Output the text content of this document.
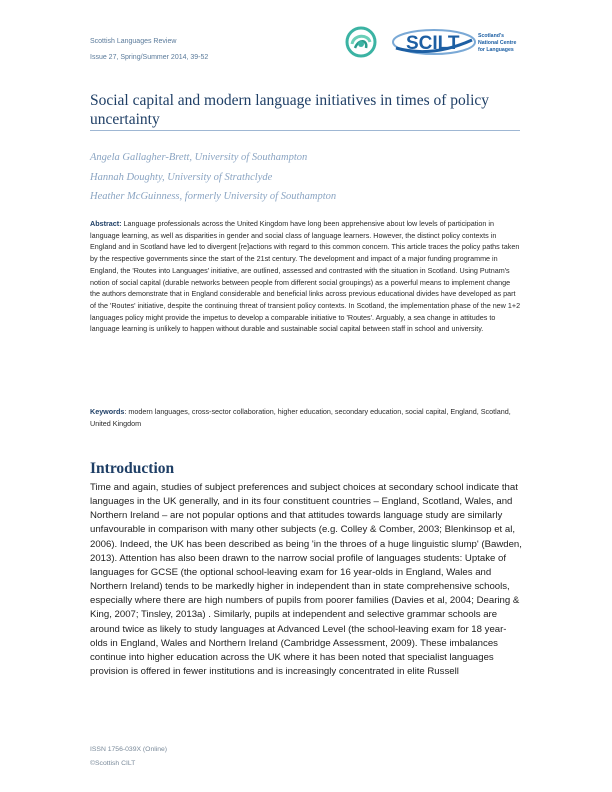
Scottish Languages Review
Issue 27, Spring/Summer 2014, 39-52
SCILT	Scotland's
National Centre
for Languages
Social capital and modern language initiatives in times of policy uncertainty
Angela Gallagher-Brett, University of Southampton
Hannah Doughty, University of Strathclyde
Heather McGuinness, formerly University of Southampton
Abstract: Language professionals across the United Kingdom have long been apprehensive about low levels of participation in language learning, as well as disparities in gender and social class of language learners. However, the distinct policy contexts in England and in Scotland have led to divergent [re]actions with regard to this common concern. This article traces the policy paths taken by the respective governments since the start of the 21st century. The development and impact of a major funding programme in England, the 'Routes into Languages' initiative, are outlined, assessed and contrasted with the situation in Scotland. Using Putnam's notion of social capital (durable networks between people from different social groupings) as a powerful means to implement change the authors demonstrate that in England considerable and beneficial links across previous educational divides have developed as part of the 'Routes' initiative, despite the continuing threat of transient policy contexts. In Scotland, the implementation phase of the new 1+2 languages policy might provide the impetus to develop a comparable initiative to 'Routes'. Arguably, a sea change in attitudes to language learning is unlikely to happen without durable and sustainable social capital between staff in school and university.
Keywords: modern languages, cross-sector collaboration, higher education, secondary education, social capital, England, Scotland, United Kingdom
Introduction
Time and again, studies of subject preferences and subject choices at secondary school indicate that languages in the UK generally, and in its four constituent countries – England, Scotland, Wales, and Northern Ireland – are not popular options and that attitudes towards language study are similarly unfavourable in comparison with many other subjects (e.g. Colley & Comber, 2003; Blenkinsop et al, 2006). Indeed, the UK has been described as being 'in the throes of a huge linguistic slump' (Bawden, 2013). Attention has also been drawn to the narrow social profile of languages students: Uptake of languages for GCSE (the optional school-leaving exam for 16 year-olds in England, Wales and Northern Ireland) tends to be markedly higher in independent than in state comprehensive schools, especially where there are high numbers of pupils from poorer families (Davies et al, 2004; Dearing & King, 2007; Tinsley, 2013a) . Similarly, pupils at independent and selective grammar schools are around twice as likely to study languages at Advanced Level (the school-leaving exam for 18 year-olds in England, Wales and Northern Ireland (Cambridge Assessment, 2009). These imbalances continue into higher education across the UK where it has been noted that specialist languages provision is offered in fewer institutions and is increasingly concentrated in elite Russell
ISSN 1756-039X (Online)
©Scottish CILT
